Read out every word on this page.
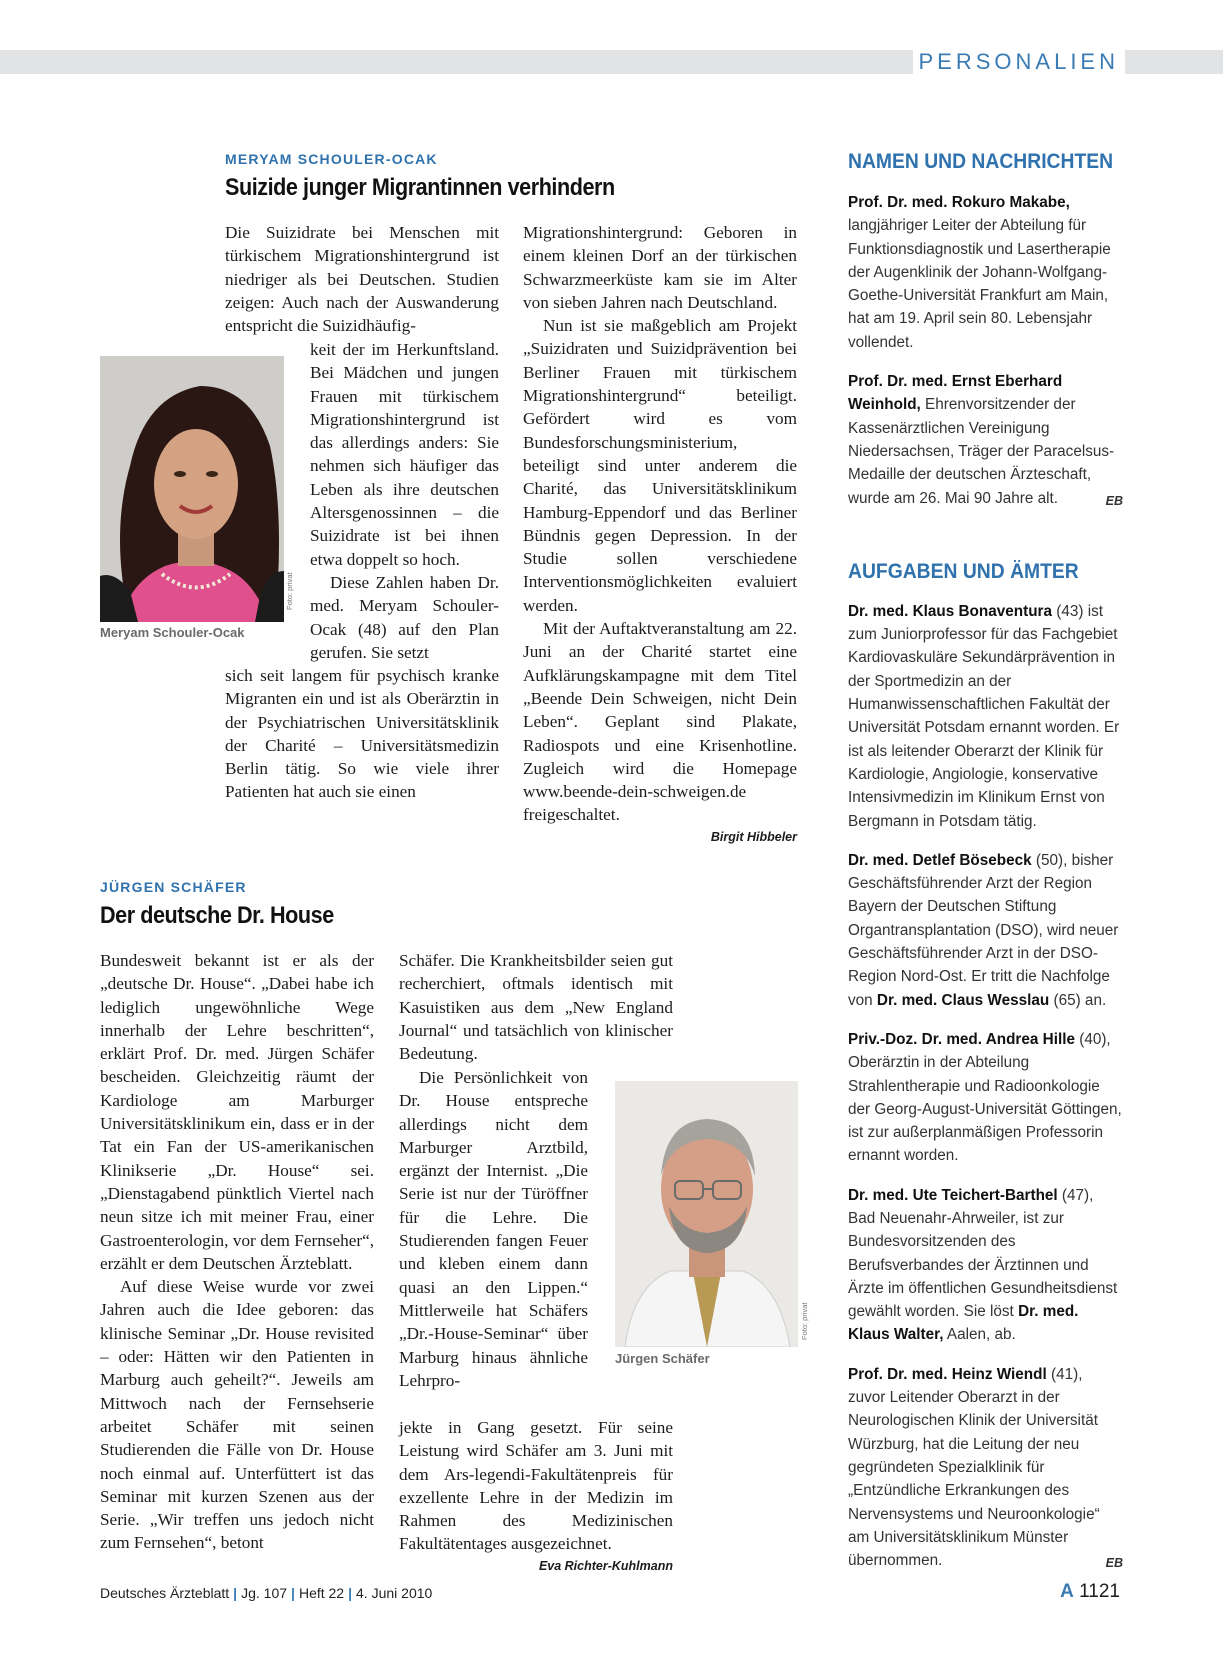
PERSONALIEN
MERYAM SCHOULER-OCAK
Suizide junger Migrantinnen verhindern
Foto: privat
Meryam Schouler-Ocak

Die Suizidrate bei Menschen mit türkischem Migrationshintergrund ist niedriger als bei Deutschen. Studien zeigen: Auch nach der Auswanderung entspricht die Suizidhäufig-

keit der im Herkunftsland. Bei Mädchen und jungen Frauen mit türkischem Migrationshintergrund ist das allerdings anders: Sie nehmen sich häufiger das Leben als ihre deutschen Altersgenossinnen – die Suizidrate ist bei ihnen etwa doppelt so hoch.

Diese Zahlen haben Dr. med. Meryam Schouler-Ocak (48) auf den Plan gerufen. Sie setzt

sich seit langem für psychisch kranke Migranten ein und ist als Oberärztin in der Psychiatrischen Universitätsklinik der Charité – Universitätsmedizin Berlin tätig. So wie viele ihrer Patienten hat auch sie einen

Migrationshintergrund: Geboren in einem kleinen Dorf an der türkischen Schwarzmeerküste kam sie im Alter von sieben Jahren nach Deutschland.

Nun ist sie maßgeblich am Projekt „Suizidraten und Suizidprävention bei Berliner Frauen mit türkischem Migrationshintergrund“ beteiligt. Gefördert wird es vom Bundesforschungsministerium, beteiligt sind unter anderem die Charité, das Universitätsklinikum Hamburg-Eppendorf und das Berliner Bündnis gegen Depression. In der Studie sollen verschiedene Interventionsmöglichkeiten evaluiert werden.

Mit der Auftaktveranstaltung am 22. Juni an der Charité startet eine Aufklärungskampagne mit dem Titel „Beende Dein Schweigen, nicht Dein Leben“. Geplant sind Plakate, Radiospots und eine Krisenhotline. Zugleich wird die Homepage www.beende-dein-schweigen.de freigeschaltet.

Birgit Hibbeler
JÜRGEN SCHÄFER
Der deutsche Dr. House

Bundesweit bekannt ist er als der „deutsche Dr. House“. „Dabei habe ich lediglich ungewöhnliche Wege innerhalb der Lehre beschritten“, erklärt Prof. Dr. med. Jürgen Schäfer bescheiden. Gleichzeitig räumt der Kardiologe am Marburger Universitätsklinikum ein, dass er in der Tat ein Fan der US-amerikanischen Klinikserie „Dr. House“ sei. „Dienstagabend pünktlich Viertel nach neun sitze ich mit meiner Frau, einer Gastroenterologin, vor dem Fernseher“, erzählt er dem Deutschen Ärzteblatt.

Auf diese Weise wurde vor zwei Jahren auch die Idee geboren: das klinische Seminar „Dr. House revisited – oder: Hätten wir den Patienten in Marburg auch geheilt?“. Jeweils am Mittwoch nach der Fernsehserie arbeitet Schäfer mit seinen Studierenden die Fälle von Dr. House noch einmal auf. Unterfüttert ist das Seminar mit kurzen Szenen aus der Serie. „Wir treffen uns jedoch nicht zum Fernsehen“, betont

Foto: privat
Jürgen Schäfer

Schäfer. Die Krankheitsbilder seien gut recherchiert, oftmals identisch mit Kasuistiken aus dem „New England Journal“ und tatsächlich von klinischer Bedeutung.

Die Persönlichkeit von Dr. House entspreche allerdings nicht dem Marburger Arztbild, ergänzt der Internist. „Die Serie ist nur der Türöffner für die Lehre. Die Studierenden fangen Feuer und kleben einem dann quasi an den Lippen.“ Mittlerweile hat Schäfers „Dr.-House-Seminar“ über Marburg hinaus ähnliche Lehrpro-

jekte in Gang gesetzt. Für seine Leistung wird Schäfer am 3. Juni mit dem Ars-legendi-Fakultätenpreis für exzellente Lehre in der Medizin im Rahmen des Medizinischen Fakultätentages ausgezeichnet.

Eva Richter-Kuhlmann
NAMEN UND NACHRICHTEN

Prof. Dr. med. Rokuro Makabe, langjähriger Leiter der Abteilung für Funktionsdiagnostik und Lasertherapie der Augenklinik der Johann-Wolfgang-Goethe-Universität Frankfurt am Main, hat am 19. April sein 80. Lebensjahr vollendet.

Prof. Dr. med. Ernst Eberhard Weinhold, Ehrenvorsitzender der Kassenärztlichen Vereinigung Niedersachsen, Träger der Paracelsus-Medaille der deutschen Ärzteschaft, wurde am 26. Mai 90 Jahre alt.	EB

AUFGABEN UND ÄMTER

Dr. med. Klaus Bonaventura (43) ist zum Juniorprofessor für das Fachgebiet Kardiovaskuläre Sekundärprävention in der Sportmedizin an der Humanwissenschaftlichen Fakultät der Universität Potsdam ernannt worden. Er ist als leitender Oberarzt der Klinik für Kardiologie, Angiologie, konservative Intensivmedizin im Klinikum Ernst von Bergmann in Potsdam tätig.

Dr. med. Detlef Bösebeck (50), bisher Geschäftsführender Arzt der Region Bayern der Deutschen Stiftung Organtransplantation (DSO), wird neuer Geschäftsführender Arzt in der DSO-Region Nord-Ost. Er tritt die Nachfolge von Dr. med. Claus Wesslau (65) an.

Priv.-Doz. Dr. med. Andrea Hille (40), Oberärztin in der Abteilung Strahlentherapie und Radioonkologie der Georg-August-Universität Göttingen, ist zur außerplanmäßigen Professorin ernannt worden.

Dr. med. Ute Teichert-Barthel (47), Bad Neuenahr-Ahrweiler, ist zur Bundesvorsitzenden des Berufsverbandes der Ärztinnen und Ärzte im öffentlichen Gesundheitsdienst gewählt worden. Sie löst Dr. med. Klaus Walter, Aalen, ab.

Prof. Dr. med. Heinz Wiendl (41), zuvor Leitender Oberarzt in der Neurologischen Klinik der Universität Würzburg, hat die Leitung der neu gegründeten Spezialklinik für „Entzündliche Erkrankungen des Nervensystems und Neuroonkologie“ am Universitätsklinikum Münster übernommen.	EB

Deutsches Ärzteblatt | Jg. 107 | Heft 22 | 4. Juni 2010	A 1121
